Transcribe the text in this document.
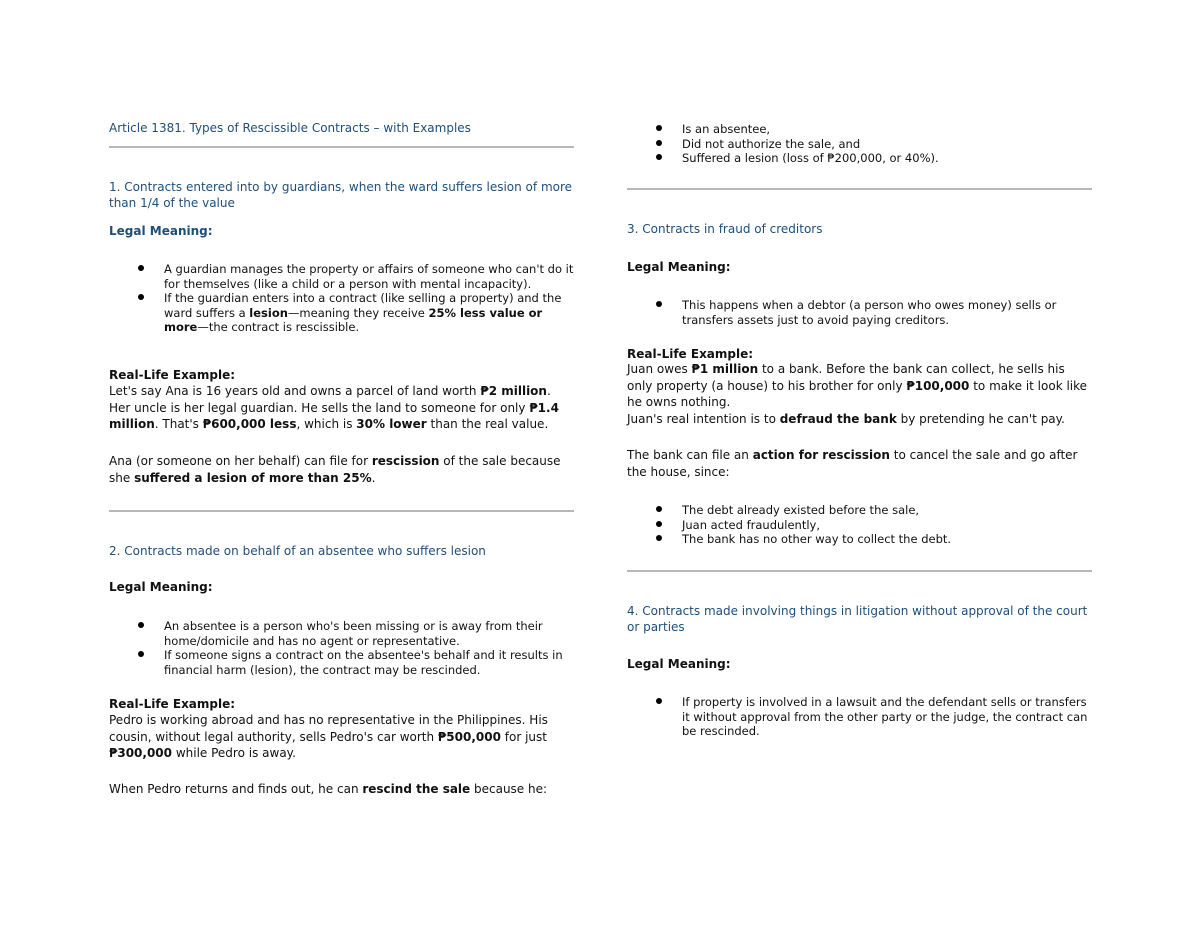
Article 1381. Types of Rescissible Contracts – with Examples
1. Contracts entered into by guardians, when the ward suffers lesion of more than 1/4 of the value
Legal Meaning:
A guardian manages the property or affairs of someone who can't do it for themselves (like a child or a person with mental incapacity).
If the guardian enters into a contract (like selling a property) and the ward suffers a lesion—meaning they receive 25% less value or more—the contract is rescissible.
Real-Life Example:
Let's say Ana is 16 years old and owns a parcel of land worth ₱2 million. Her uncle is her legal guardian. He sells the land to someone for only ₱1.4 million. That's ₱600,000 less, which is 30% lower than the real value.
Ana (or someone on her behalf) can file for rescission of the sale because she suffered a lesion of more than 25%.
2. Contracts made on behalf of an absentee who suffers lesion
Legal Meaning:
An absentee is a person who's been missing or is away from their home/domicile and has no agent or representative.
If someone signs a contract on the absentee's behalf and it results in financial harm (lesion), the contract may be rescinded.
Real-Life Example:
Pedro is working abroad and has no representative in the Philippines. His cousin, without legal authority, sells Pedro's car worth ₱500,000 for just ₱300,000 while Pedro is away.
When Pedro returns and finds out, he can rescind the sale because he:
Is an absentee,
Did not authorize the sale, and
Suffered a lesion (loss of ₱200,000, or 40%).
3. Contracts in fraud of creditors
Legal Meaning:
This happens when a debtor (a person who owes money) sells or transfers assets just to avoid paying creditors.
Real-Life Example:
Juan owes ₱1 million to a bank. Before the bank can collect, he sells his only property (a house) to his brother for only ₱100,000 to make it look like he owns nothing.
Juan's real intention is to defraud the bank by pretending he can't pay.
The bank can file an action for rescission to cancel the sale and go after the house, since:
The debt already existed before the sale,
Juan acted fraudulently,
The bank has no other way to collect the debt.
4. Contracts made involving things in litigation without approval of the court or parties
Legal Meaning:
If property is involved in a lawsuit and the defendant sells or transfers it without approval from the other party or the judge, the contract can be rescinded.
